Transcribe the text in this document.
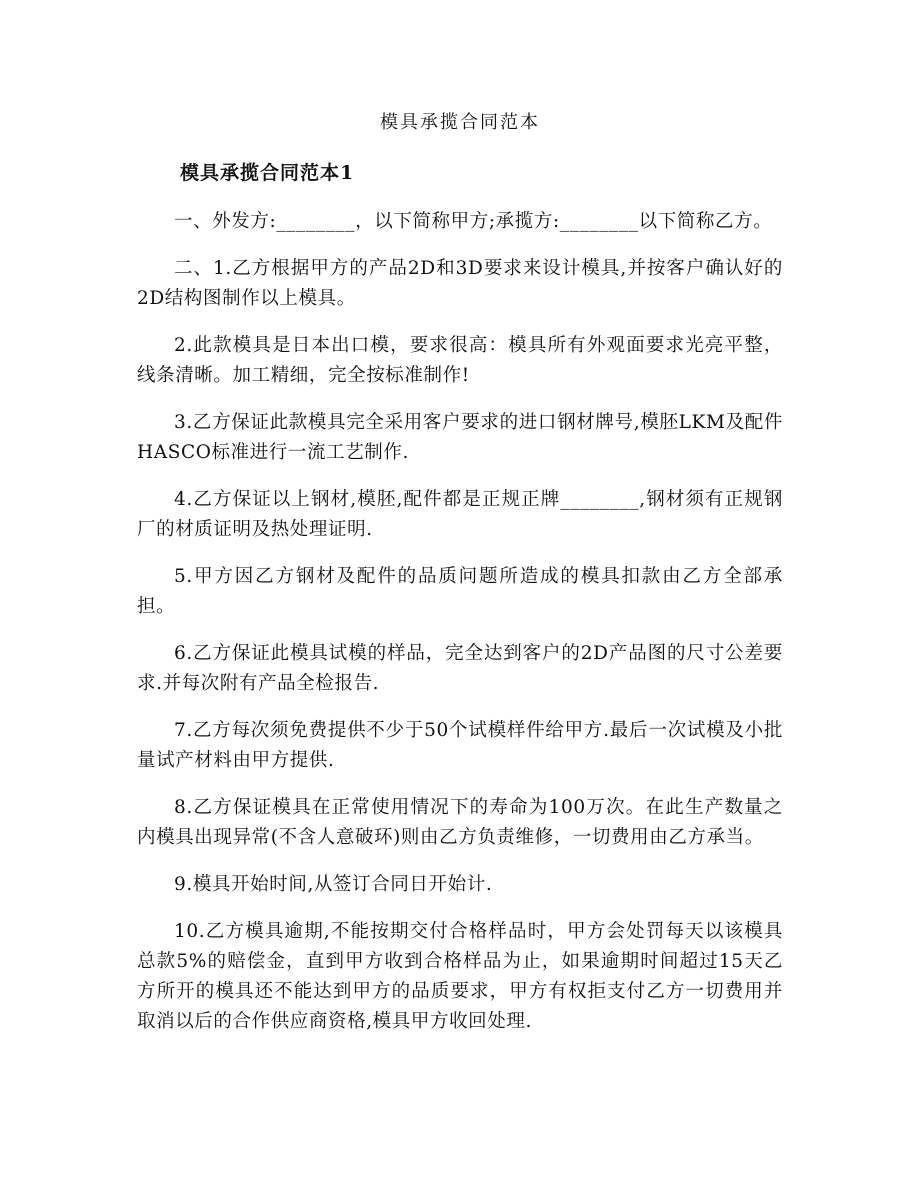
模具承揽合同范本
模具承揽合同范本1

一、外发方:________，以下简称甲方;承揽方:________以下简称乙方。

二、1.乙方根据甲方的产品2D和3D要求来设计模具,并按客户确认好的2D结构图制作以上模具。

2.此款模具是日本出口模，要求很高：模具所有外观面要求光亮平整，线条清晰。加工精细，完全按标准制作!

3.乙方保证此款模具完全采用客户要求的进口钢材牌号,模胚LKM及配件HASCO标准进行一流工艺制作.

4.乙方保证以上钢材,模胚,配件都是正规正牌________,钢材须有正规钢厂的材质证明及热处理证明.

5.甲方因乙方钢材及配件的品质问题所造成的模具扣款由乙方全部承担。

6.乙方保证此模具试模的样品，完全达到客户的2D产品图的尺寸公差要求.并每次附有产品全检报告.

7.乙方每次须免费提供不少于50个试模样件给甲方.最后一次试模及小批量试产材料由甲方提供.

8.乙方保证模具在正常使用情况下的寿命为100万次。在此生产数量之内模具出现异常(不含人意破环)则由乙方负责维修，一切费用由乙方承当。

9.模具开始时间,从签订合同日开始计.

10.乙方模具逾期,不能按期交付合格样品时，甲方会处罚每天以该模具总款5%的赔偿金，直到甲方收到合格样品为止，如果逾期时间超过15天乙方所开的模具还不能达到甲方的品质要求，甲方有权拒支付乙方一切费用并取消以后的合作供应商资格,模具甲方收回处理.
